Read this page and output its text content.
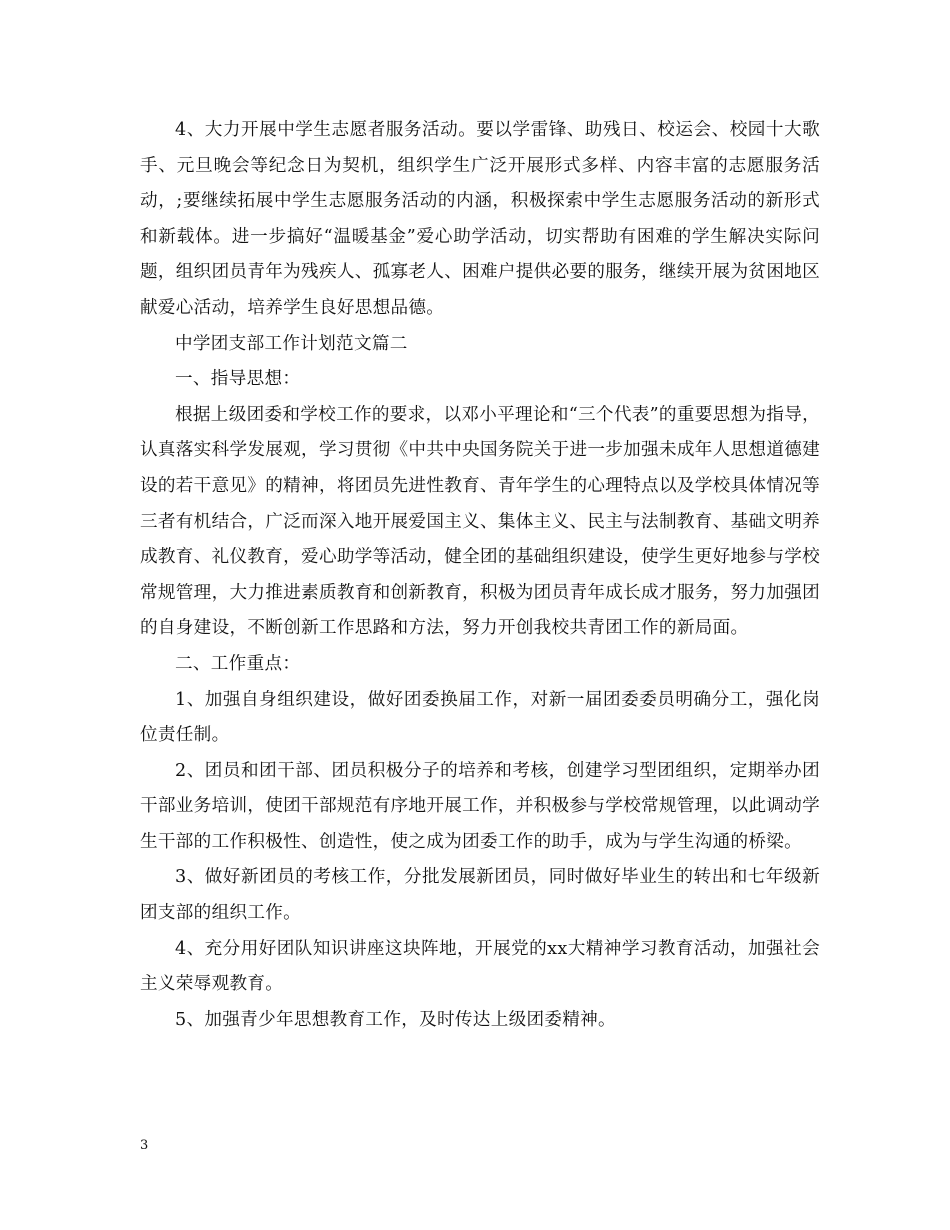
4、大力开展中学生志愿者服务活动。要以学雷锋、助残日、校运会、校园十大歌手、元旦晚会等纪念日为契机，组织学生广泛开展形式多样、内容丰富的志愿服务活动，;要继续拓展中学生志愿服务活动的内涵，积极探索中学生志愿服务活动的新形式和新载体。进一步搞好“温暖基金”爱心助学活动，切实帮助有困难的学生解决实际问题，组织团员青年为残疾人、孤寡老人、困难户提供必要的服务，继续开展为贫困地区献爱心活动，培养学生良好思想品德。

中学团支部工作计划范文篇二

一、指导思想：

根据上级团委和学校工作的要求，以邓小平理论和“三个代表”的重要思想为指导，认真落实科学发展观，学习贯彻《中共中央国务院关于进一步加强未成年人思想道德建设的若干意见》的精神，将团员先进性教育、青年学生的心理特点以及学校具体情况等三者有机结合，广泛而深入地开展爱国主义、集体主义、民主与法制教育、基础文明养成教育、礼仪教育，爱心助学等活动，健全团的基础组织建设，使学生更好地参与学校常规管理，大力推进素质教育和创新教育，积极为团员青年成长成才服务，努力加强团的自身建设，不断创新工作思路和方法，努力开创我校共青团工作的新局面。

二、工作重点：

1、加强自身组织建设，做好团委换届工作，对新一届团委委员明确分工，强化岗位责任制。

2、团员和团干部、团员积极分子的培养和考核，创建学习型团组织，定期举办团干部业务培训，使团干部规范有序地开展工作，并积极参与学校常规管理，以此调动学生干部的工作积极性、创造性，使之成为团委工作的助手，成为与学生沟通的桥梁。

3、做好新团员的考核工作，分批发展新团员，同时做好毕业生的转出和七年级新团支部的组织工作。

4、充分用好团队知识讲座这块阵地，开展党的xx大精神学习教育活动，加强社会主义荣辱观教育。

5、加强青少年思想教育工作，及时传达上级团委精神。

3
